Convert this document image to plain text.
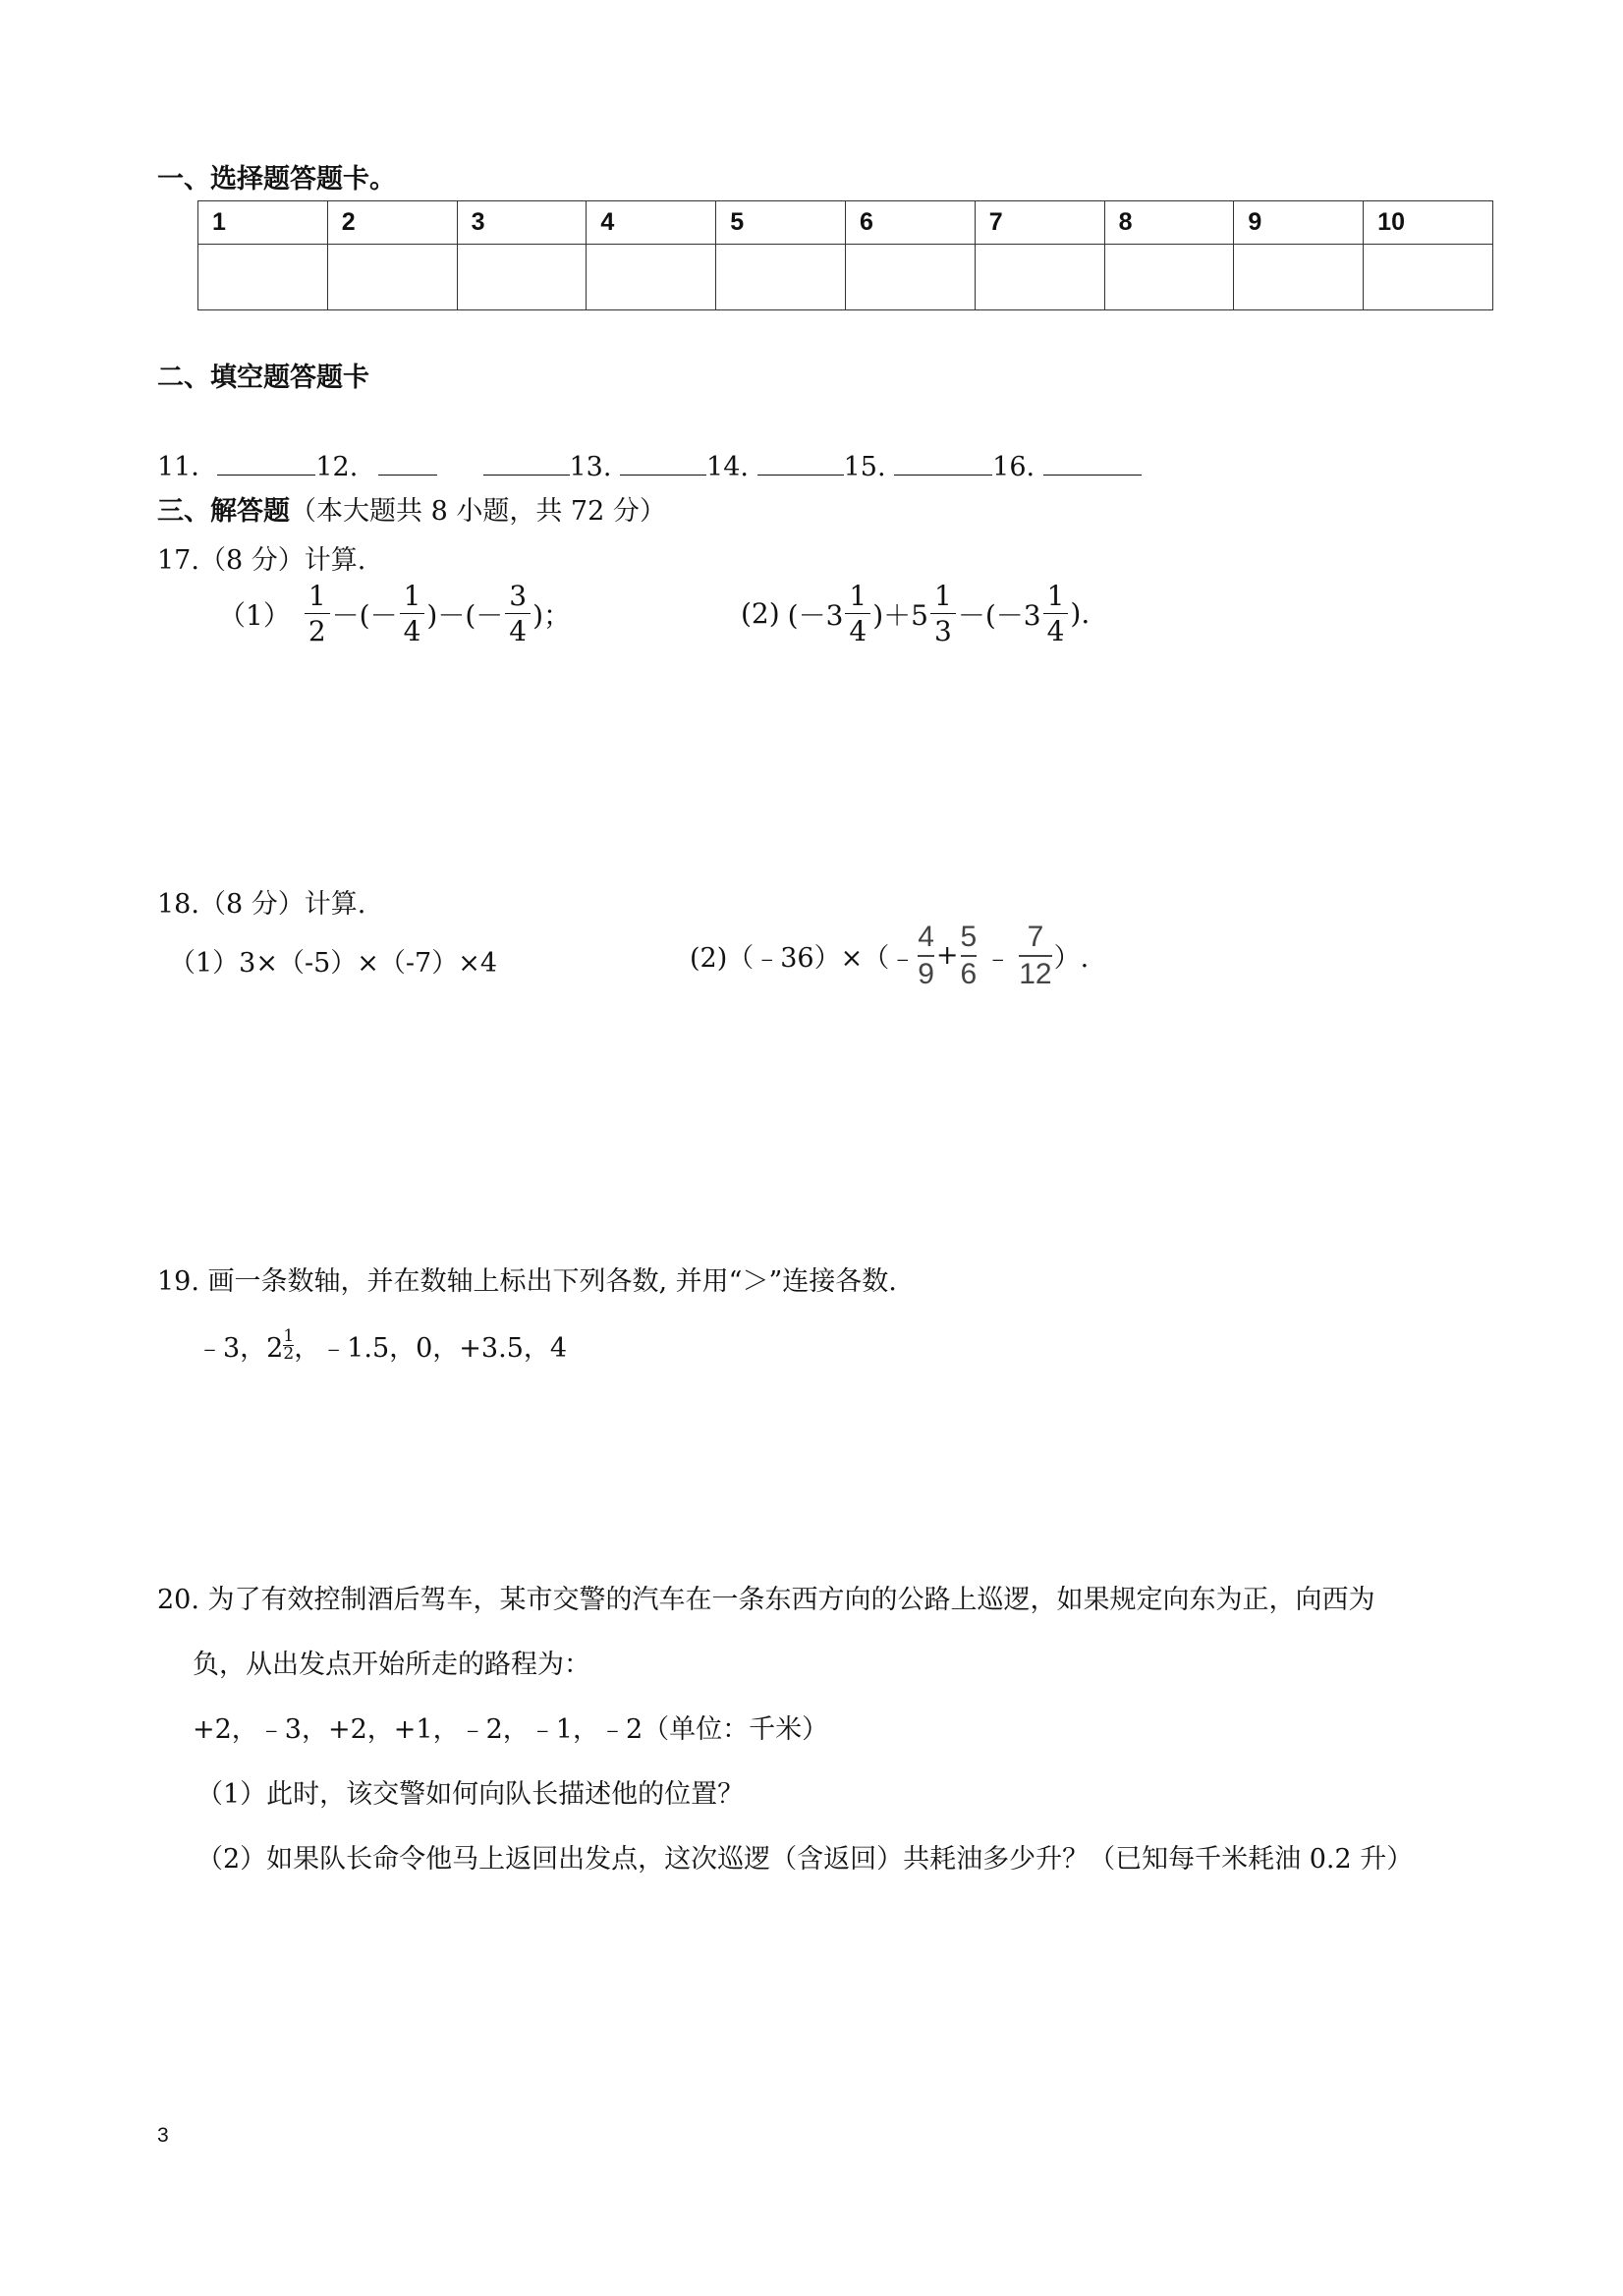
一、选择题答题卡。
1	2	3	4	5	6	7	8	9	10

二、填空题答题卡
11．	12.	13.	14.	15.	16.
三、解答题（本大题共 8 小题，共 72 分）
17.（8 分）计算.
$(1) \frac{1}{2}$ －(－ $\frac{1}{4}$ )－(－ $\frac{3}{4}$ )；	(2) $(-3 \frac{1}{4} )+5 \frac{1}{3} -(-3 \frac{1}{4}$ ).
18.（8 分）计算.
（1）3×（-5）×（-7）×4	(2)（﹣36）×（﹣ $\frac{4}{9} + \frac{5}{6}$ ﹣ $\frac{7}{12}$ ）.
19. 画一条数轴，并在数轴上标出下列各数, 并用“＞”连接各数.
﹣3，$2 \frac{1}{2}$ ，﹣1.5，0，+3.5，4
20. 为了有效控制酒后驾车，某市交警的汽车在一条东西方向的公路上巡逻，如果规定向东为正，向西为
负，从出发点开始所走的路程为：
+2，﹣3，+2，+1，﹣2，﹣1，﹣2（单位：千米）
（1）此时，该交警如何向队长描述他的位置？
（2）如果队长命令他马上返回出发点，这次巡逻（含返回）共耗油多少升？（已知每千米耗油 0.2 升）
3
